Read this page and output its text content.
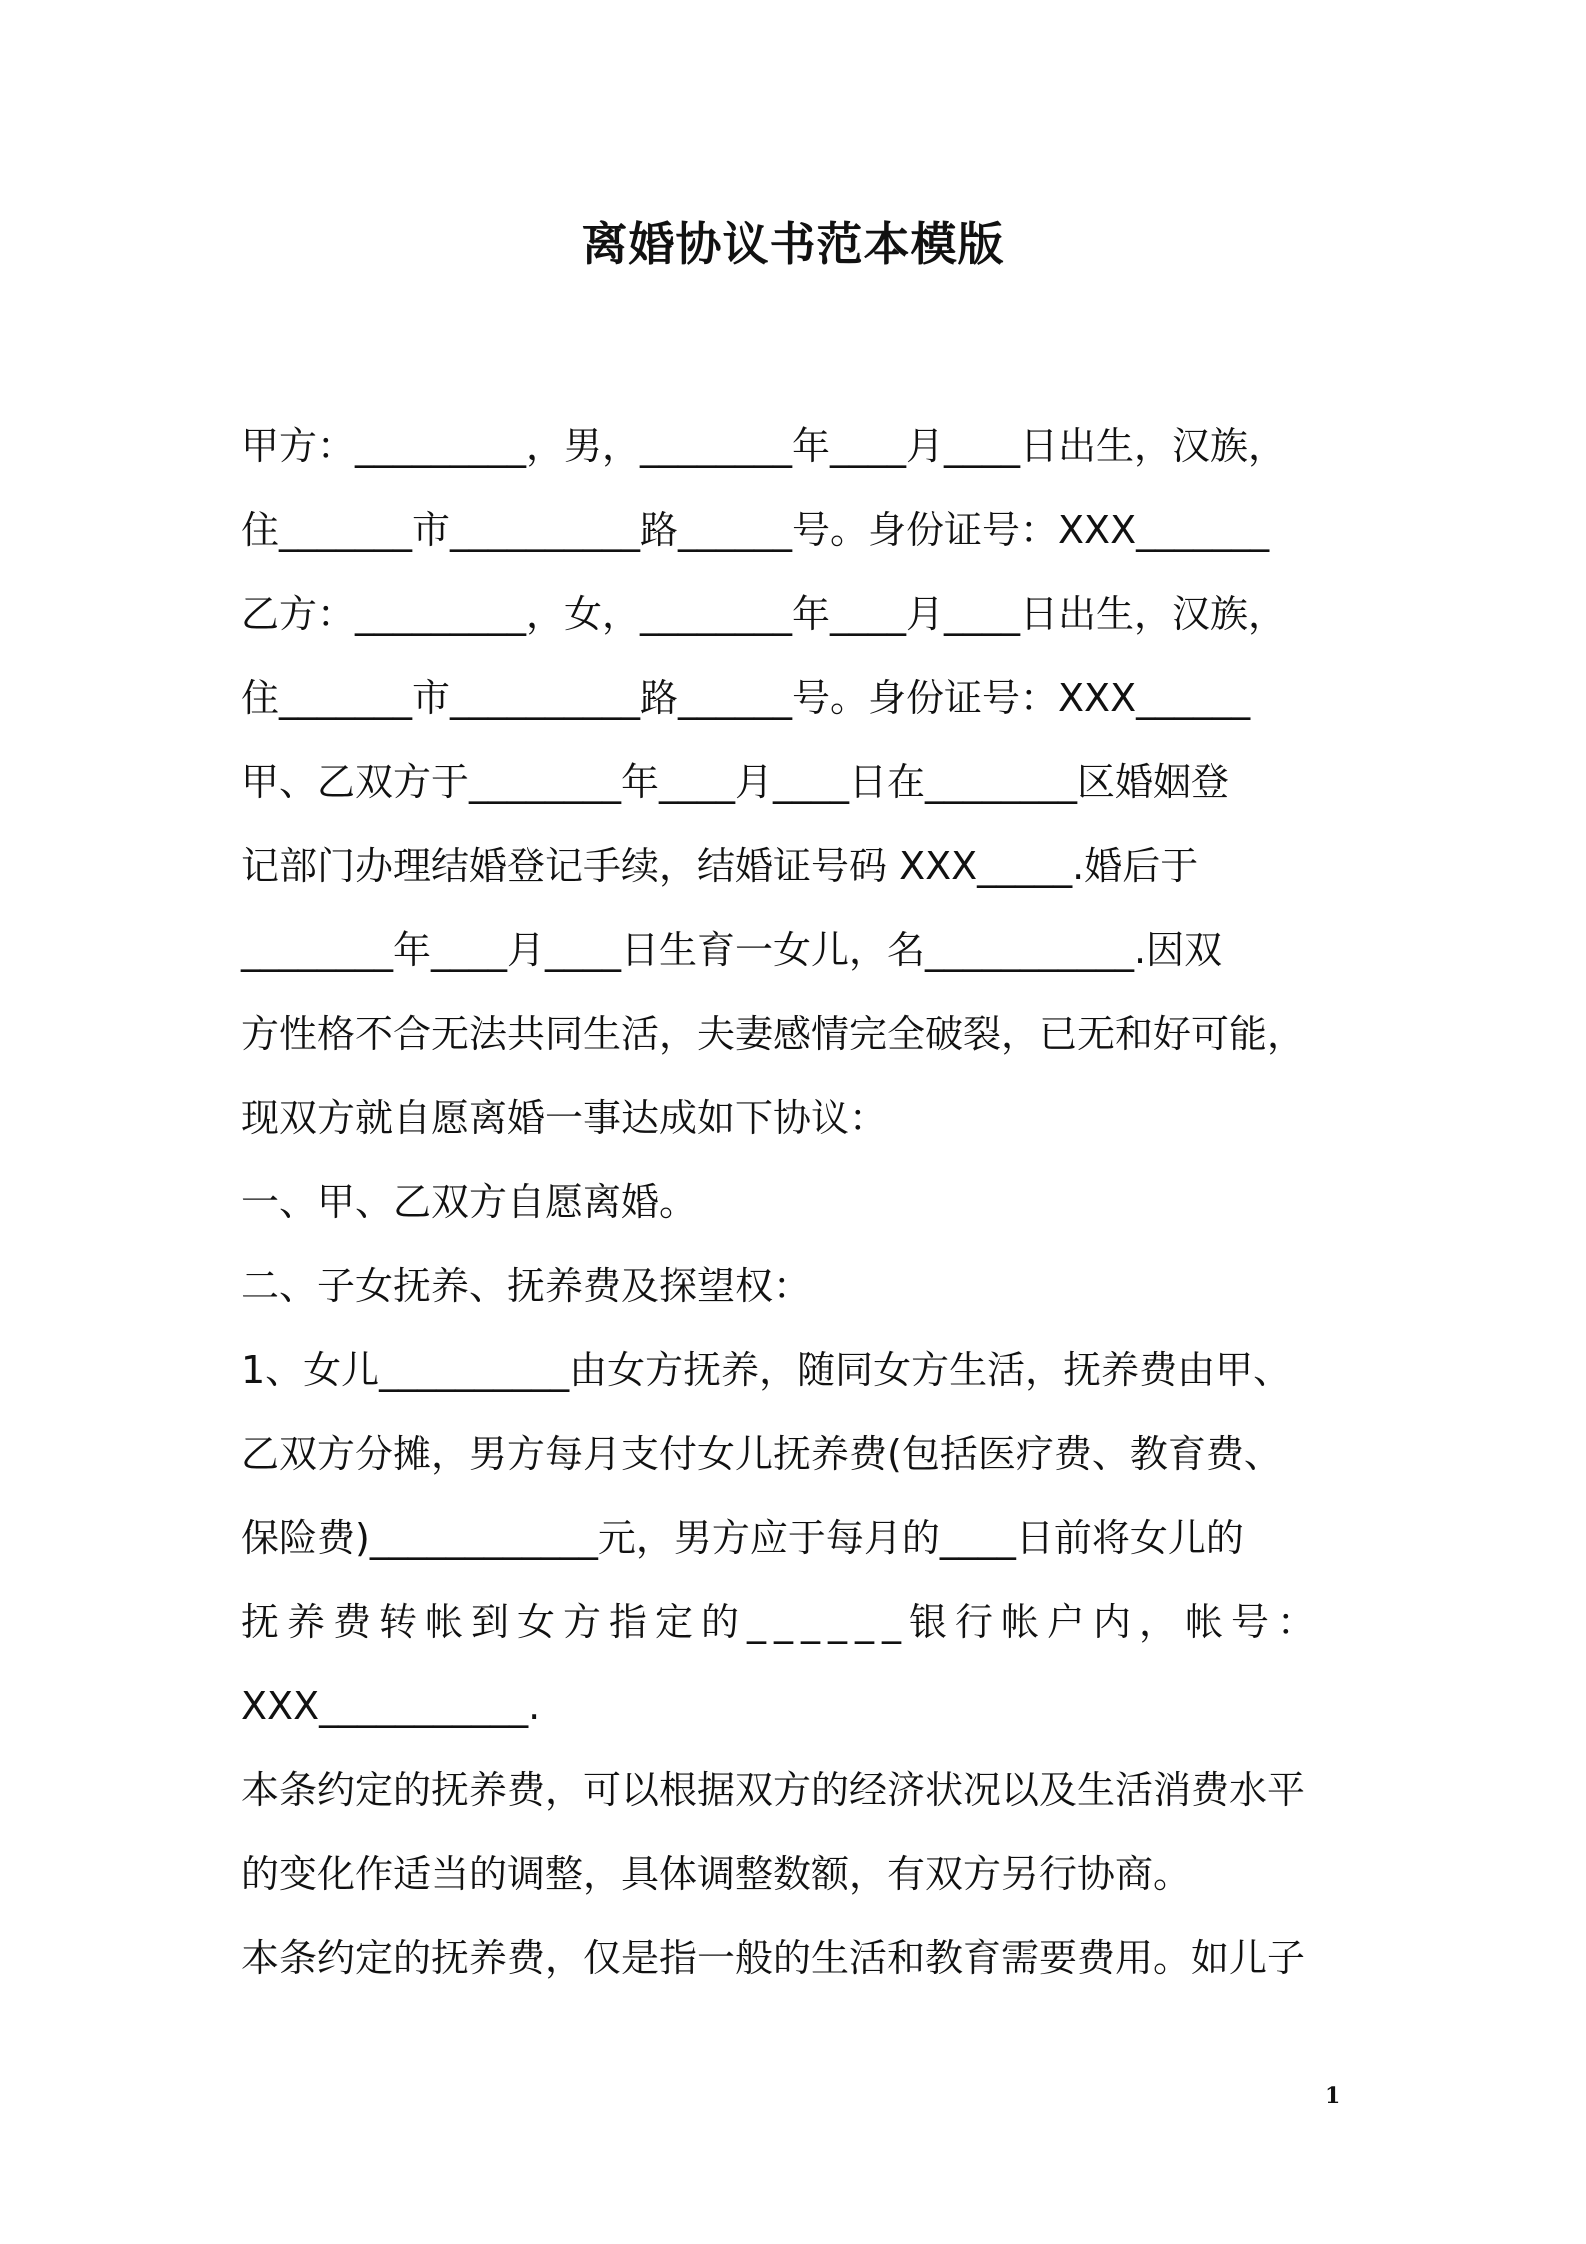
离婚协议书范本模版
甲方：_________，男，________年____月____日出生，汉族，
住_______市__________路______号。身份证号：XXX_______
乙方：_________，女，________年____月____日出生，汉族，
住_______市__________路______号。身份证号：XXX______
甲、乙双方于________年____月____日在________区婚姻登
记部门办理结婚登记手续，结婚证号码 XXX_____.婚后于
________年____月____日生育一女儿，名___________.因双
方性格不合无法共同生活，夫妻感情完全破裂，已无和好可能，
现双方就自愿离婚一事达成如下协议：
一、甲、乙双方自愿离婚。
二、子女抚养、抚养费及探望权：
1、女儿__________由女方抚养，随同女方生活，抚养费由甲、
乙双方分摊，男方每月支付女儿抚养费(包括医疗费、教育费、
保险费)____________元，男方应于每月的____日前将女儿的
抚养费转帐到女方指定的______银行帐户内，帐号：
XXX___________.
本条约定的抚养费，可以根据双方的经济状况以及生活消费水平
的变化作适当的调整，具体调整数额，有双方另行协商。
本条约定的抚养费，仅是指一般的生活和教育需要费用。如儿子
1
